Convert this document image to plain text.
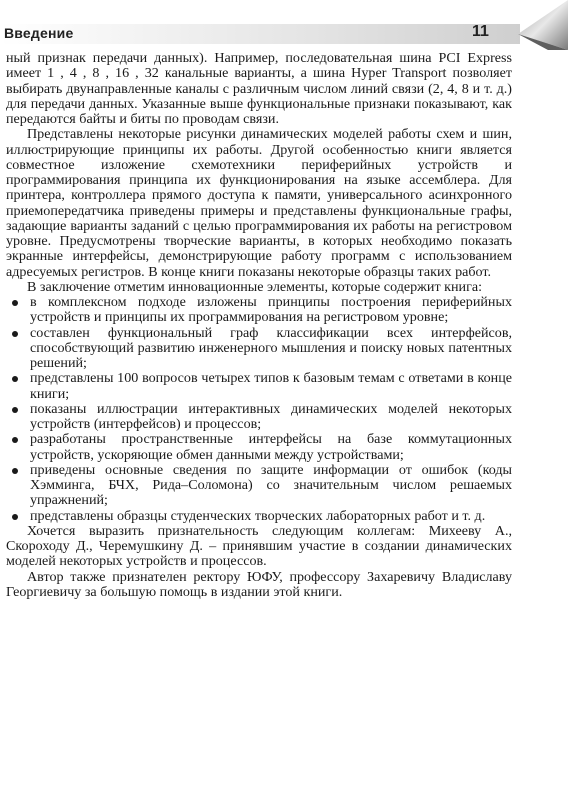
Введение	11

ный признак передачи данных). Например, последовательная шина PCI Express имеет 1 , 4 , 8 , 16 , 32 канальные варианты, а шина Hyper Transport позволяет выбирать двунаправленные каналы с различным числом линий связи (2, 4, 8 и т. д.) для передачи данных. Указанные выше функциональные признаки показывают, как передаются байты и биты по проводам связи.

Представлены некоторые рисунки динамических моделей работы схем и шин, иллюстрирующие принципы их работы. Другой особенностью книги является совместное изложение схемотехники периферийных устройств и программирования принципа их функционирования на языке ассемблера. Для принтера, контроллера прямого доступа к памяти, универсального асинхронного приемопередатчика приведены примеры и представлены функциональные графы, задающие варианты заданий с целью программирования их работы на регистровом уровне. Предусмотрены творческие варианты, в которых необходимо показать экранные интерфейсы, демонстрирующие работу программ с использованием адресуемых регистров. В конце книги показаны некоторые образцы таких работ.

В заключение отметим инновационные элементы, которые содержит книга:

в комплексном подходе изложены принципы построения периферийных устройств и принципы их программирования на регистровом уровне;
составлен функциональный граф классификации всех интерфейсов, способствующий развитию инженерного мышления и поиску новых патентных решений;
представлены 100 вопросов четырех типов к базовым темам с ответами в конце книги;
показаны иллюстрации интерактивных динамических моделей некоторых устройств (интерфейсов) и процессов;
разработаны пространственные интерфейсы на базе коммутационных устройств, ускоряющие обмен данными между устройствами;
приведены основные сведения по защите информации от ошибок (коды Хэмминга, БЧХ, Рида–Соломона) со значительным числом решаемых упражнений;
представлены образцы студенческих творческих лабораторных работ и т. д.

Хочется выразить признательность следующим коллегам: Михееву А., Скороходу Д., Черемушкину Д. – принявшим участие в создании динамических моделей некоторых устройств и процессов.

Автор также признателен ректору ЮФУ, профессору Захаревичу Владиславу Георгиевичу за большую помощь в издании этой книги.
